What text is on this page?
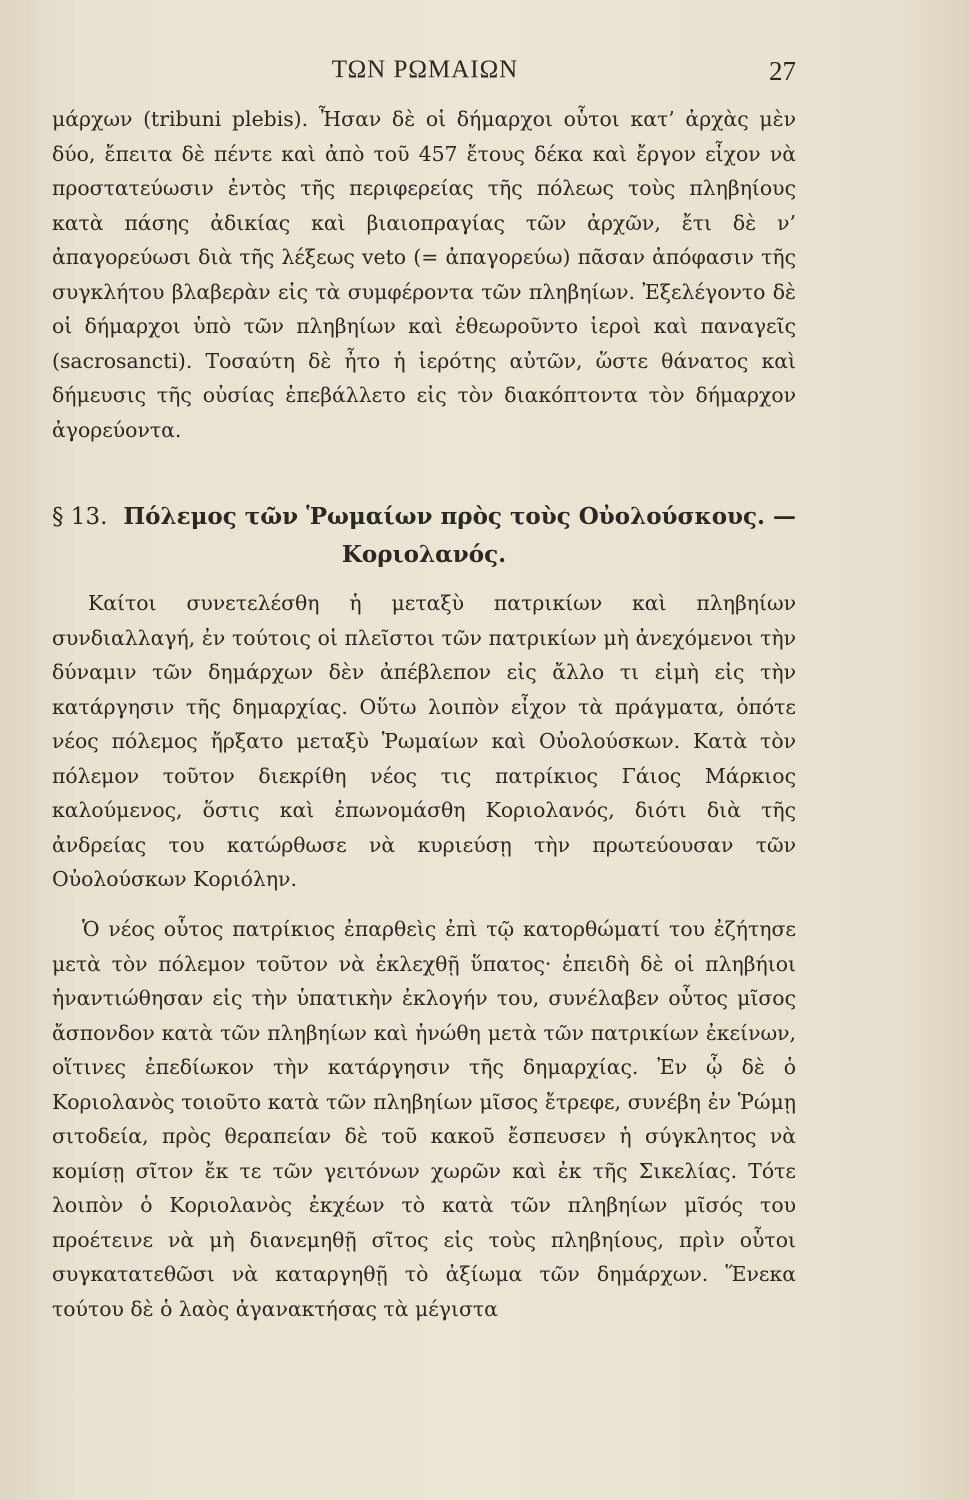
ΤΩΝ ΡΩΜΑΙΩΝ	27

μάρχων (tribuni plebis). Ἦσαν δὲ οἱ δήμαρχοι οὗτοι κατ’ ἀρχὰς μὲν δύο, ἔπειτα δὲ πέντε καὶ ἀπὸ τοῦ 457 ἔτους δέκα καὶ ἔργον εἶχον νὰ προστατεύωσιν ἐντὸς τῆς περιφερείας τῆς πόλεως τοὺς πληβηίους κατὰ πάσης ἀδικίας καὶ βιαιοπραγίας τῶν ἀρχῶν, ἔτι δὲ ν’ ἀπαγορεύωσι διὰ τῆς λέξεως veto (= ἀπαγορεύω) πᾶσαν ἀπόφασιν τῆς συγκλήτου βλαβερὰν εἰς τὰ συμφέροντα τῶν πληβηίων. Ἐξελέγοντο δὲ οἱ δήμαρχοι ὑπὸ τῶν πληβηίων καὶ ἐθεωροῦντο ἱεροὶ καὶ παναγεῖς (sacrosancti). Τοσαύτη δὲ ἦτο ἡ ἱερότης αὐτῶν, ὥστε θάνατος καὶ δήμευσις τῆς οὐσίας ἐπεβάλλετο εἰς τὸν διακόπτοντα τὸν δήμαρχον ἀγορεύοντα.

§ 13. Πόλεμος τῶν Ῥωμαίων πρὸς τοὺς Οὐολούσκους. — Κοριολανός.

Καίτοι συνετελέσθη ἡ μεταξὺ πατρικίων καὶ πληβηίων συνδιαλλαγή, ἐν τούτοις οἱ πλεῖστοι τῶν πατρικίων μὴ ἀνεχόμενοι τὴν δύναμιν τῶν δημάρχων δὲν ἀπέβλεπον εἰς ἄλλο τι εἰμὴ εἰς τὴν κατάργησιν τῆς δημαρχίας. Οὕτω λοιπὸν εἶχον τὰ πράγματα, ὁπότε νέος πόλεμος ἤρξατο μεταξὺ Ῥωμαίων καὶ Οὐολούσκων. Κατὰ τὸν πόλεμον τοῦτον διεκρίθη νέος τις πατρίκιος Γάιος Μάρκιος καλούμενος, ὅστις καὶ ἐπωνομάσθη Κοριολανός, διότι διὰ τῆς ἀνδρείας του κατώρθωσε νὰ κυριεύσῃ τὴν πρωτεύουσαν τῶν Οὐολούσκων Κοριόλην.

Ὁ νέος οὗτος πατρίκιος ἐπαρθεὶς ἐπὶ τῷ κατορθώματί του ἐζήτησε μετὰ τὸν πόλεμον τοῦτον νὰ ἐκλεχθῇ ὕπατος· ἐπειδὴ δὲ οἱ πληβήιοι ἠναντιώθησαν εἰς τὴν ὑπατικὴν ἐκλογήν του, συνέλαβεν οὗτος μῖσος ἄσπονδον κατὰ τῶν πληβηίων καὶ ἡνώθη μετὰ τῶν πατρικίων ἐκείνων, οἵτινες ἐπεδίωκον τὴν κατάργησιν τῆς δημαρχίας. Ἐν ᾧ δὲ ὁ Κοριολανὸς τοιοῦτο κατὰ τῶν πληβηίων μῖσος ἔτρεφε, συνέβη ἐν Ῥώμῃ σιτοδεία, πρὸς θεραπείαν δὲ τοῦ κακοῦ ἔσπευσεν ἡ σύγκλητος νὰ κομίσῃ σῖτον ἔκ τε τῶν γειτόνων χωρῶν καὶ ἐκ τῆς Σικελίας. Τότε λοιπὸν ὁ Κοριολανὸς ἐκχέων τὸ κατὰ τῶν πληβηίων μῖσός του προέτεινε νὰ μὴ διανεμηθῇ σῖτος εἰς τοὺς πληβηίους, πρὶν οὗτοι συγκατατεθῶσι νὰ καταργηθῇ τὸ ἀξίωμα τῶν δημάρχων. Ἕνεκα τούτου δὲ ὁ λαὸς ἀγανακτήσας τὰ μέγιστα
